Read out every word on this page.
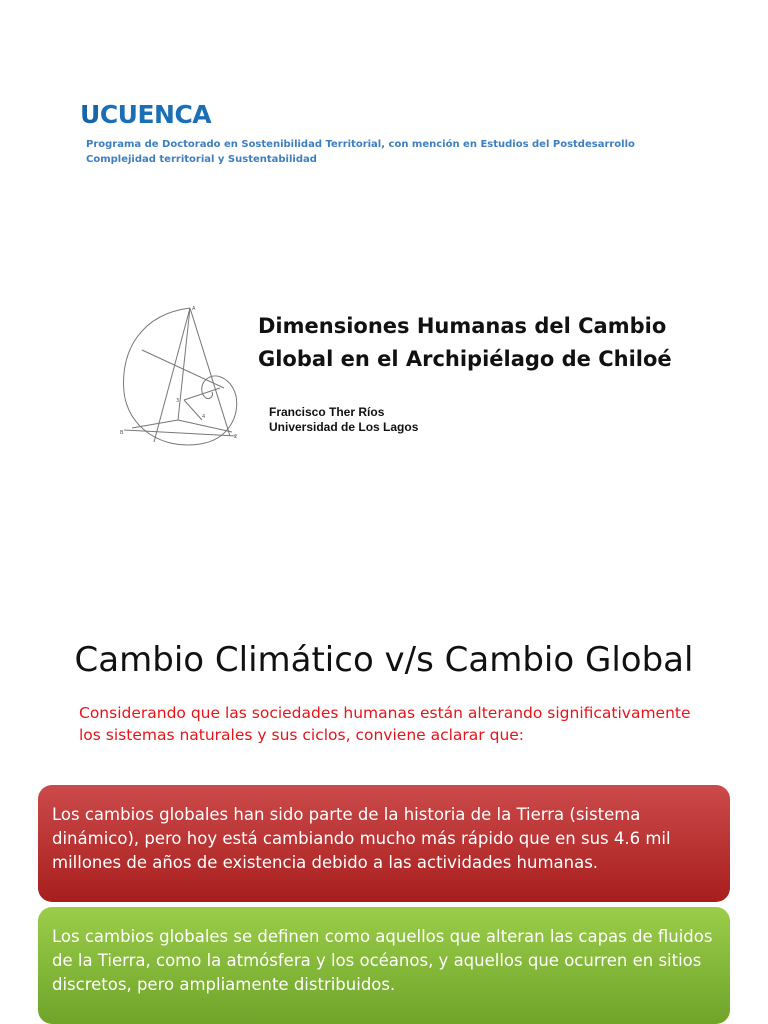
UCUENCA
Programa de Doctorado en Sostenibilidad Territorial, con mención en Estudios del Postdesarrollo
Complejidad territorial y Sustentabilidad
A
3
4
2
B
Dimensiones Humanas del Cambio
Global en el Archipiélago de Chiloé
Francisco Ther Ríos
Universidad de Los Lagos
Cambio Climático v/s Cambio Global
Considerando que las sociedades humanas están alterando significativamente
los sistemas naturales y sus ciclos, conviene aclarar que:
Los cambios globales han sido parte de la historia de la Tierra (sistema dinámico), pero hoy está cambiando mucho más rápido que en sus 4.6 mil millones de años de existencia debido a las actividades humanas.
Los cambios globales se definen como aquellos que alteran las capas de fluidos de la Tierra, como la atmósfera y los océanos, y aquellos que ocurren en sitios discretos, pero ampliamente distribuidos.
